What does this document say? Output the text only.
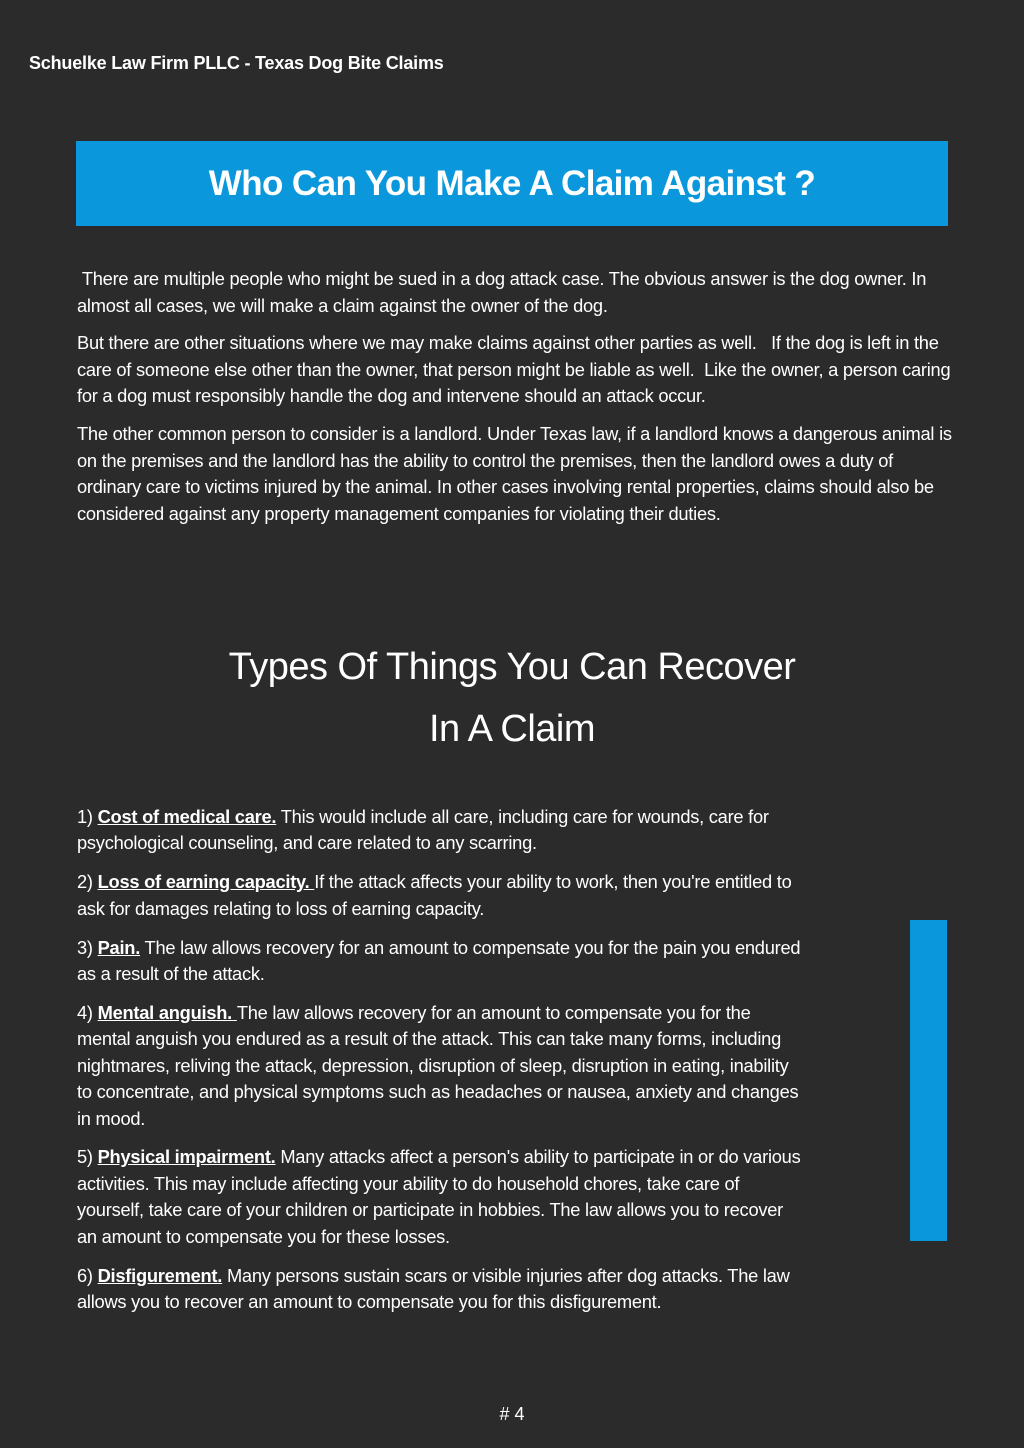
Schuelke Law Firm PLLC - Texas Dog Bite Claims
Who Can You Make A Claim Against ?

There are multiple people who might be sued in a dog attack case. The obvious answer is the dog owner. In almost all cases, we will make a claim against the owner of the dog.

But there are other situations where we may make claims against other parties as well.   If the dog is left in the care of someone else other than the owner, that person might be liable as well.  Like the owner, a person caring for a dog must responsibly handle the dog and intervene should an attack occur.

The other common person to consider is a landlord. Under Texas law, if a landlord knows a dangerous animal is on the premises and the landlord has the ability to control the premises, then the landlord owes a duty of ordinary care to victims injured by the animal. In other cases involving rental properties, claims should also be considered against any property management companies for violating their duties.

Types Of Things You Can Recover
In A Claim

1) Cost of medical care. This would include all care, including care for wounds, care for psychological counseling, and care related to any scarring.

2) Loss of earning capacity. If the attack affects your ability to work, then you're entitled to ask for damages relating to loss of earning capacity.

3) Pain. The law allows recovery for an amount to compensate you for the pain you endured as a result of the attack.

4) Mental anguish. The law allows recovery for an amount to compensate you for the mental anguish you endured as a result of the attack. This can take many forms, including nightmares, reliving the attack, depression, disruption of sleep, disruption in eating, inability to concentrate, and physical symptoms such as headaches or nausea, anxiety and changes in mood.

5) Physical impairment. Many attacks affect a person's ability to participate in or do various activities. This may include affecting your ability to do household chores, take care of yourself, take care of your children or participate in hobbies. The law allows you to recover  an amount to compensate you for these losses.

6) Disfigurement. Many persons sustain scars or visible injuries after dog attacks. The law allows you to recover an amount to compensate you for this disfigurement.

# 4
